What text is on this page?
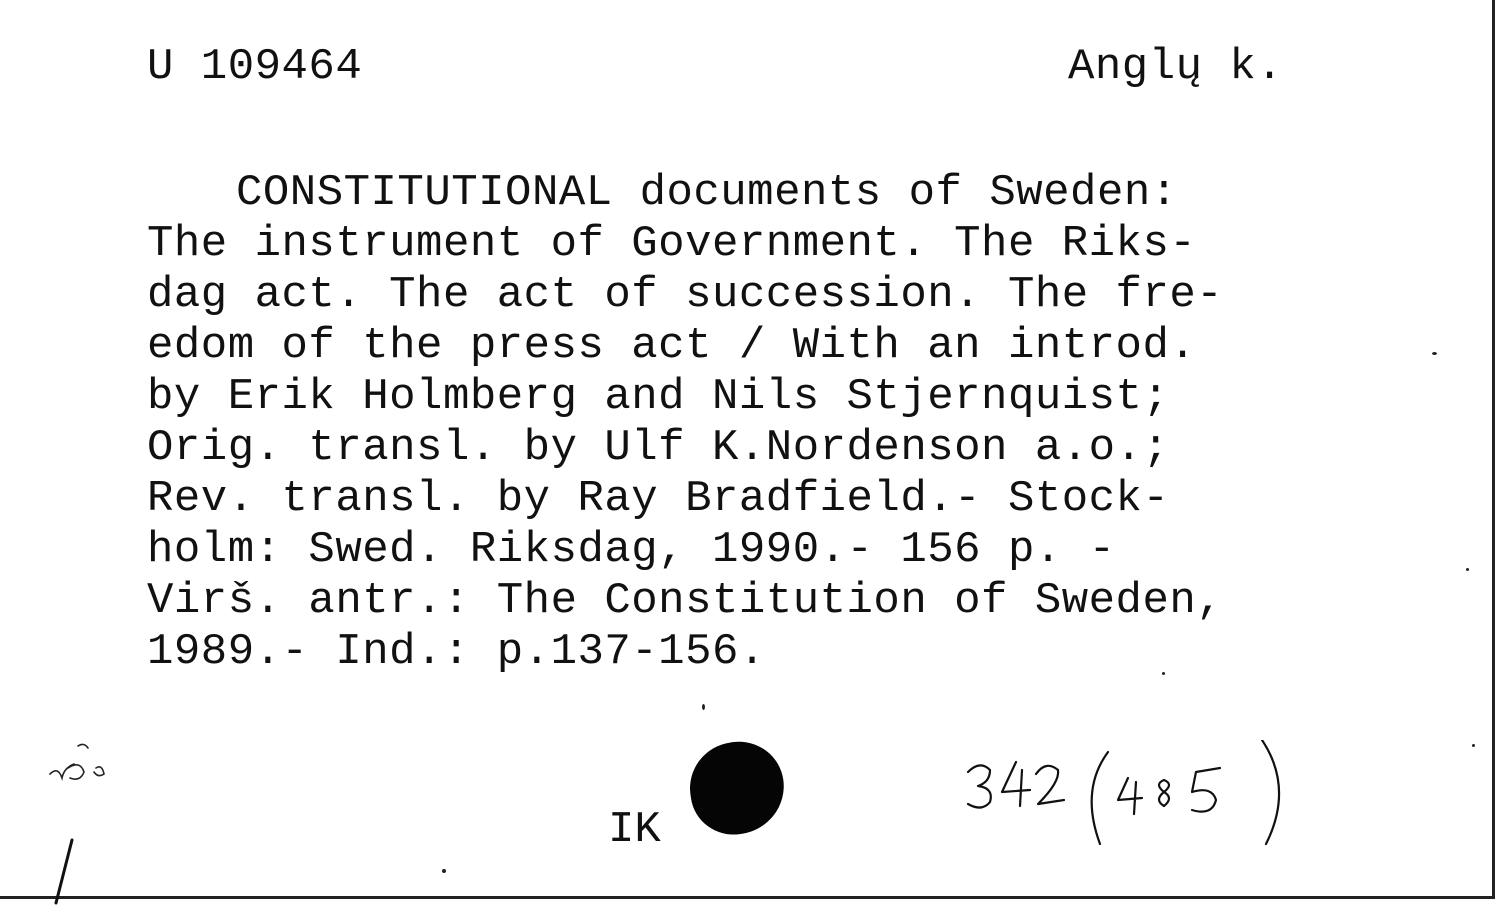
U 109464	Anglų k.
CONSTITUTIONAL documents of Sweden:
The instrument of Government. The Riks-
dag act. The act of succession. The fre-
edom of the press act / With an introd.
by Erik Holmberg and Nils Stjernquist;
Orig. transl. by Ulf K.Nordenson a.o.;
Rev. transl. by Ray Bradfield.- Stock-
holm: Swed. Riksdag, 1990.- 156 p. -
Virš. antr.: The Constitution of Sweden,
1989.- Ind.: p.137-156.
IK
